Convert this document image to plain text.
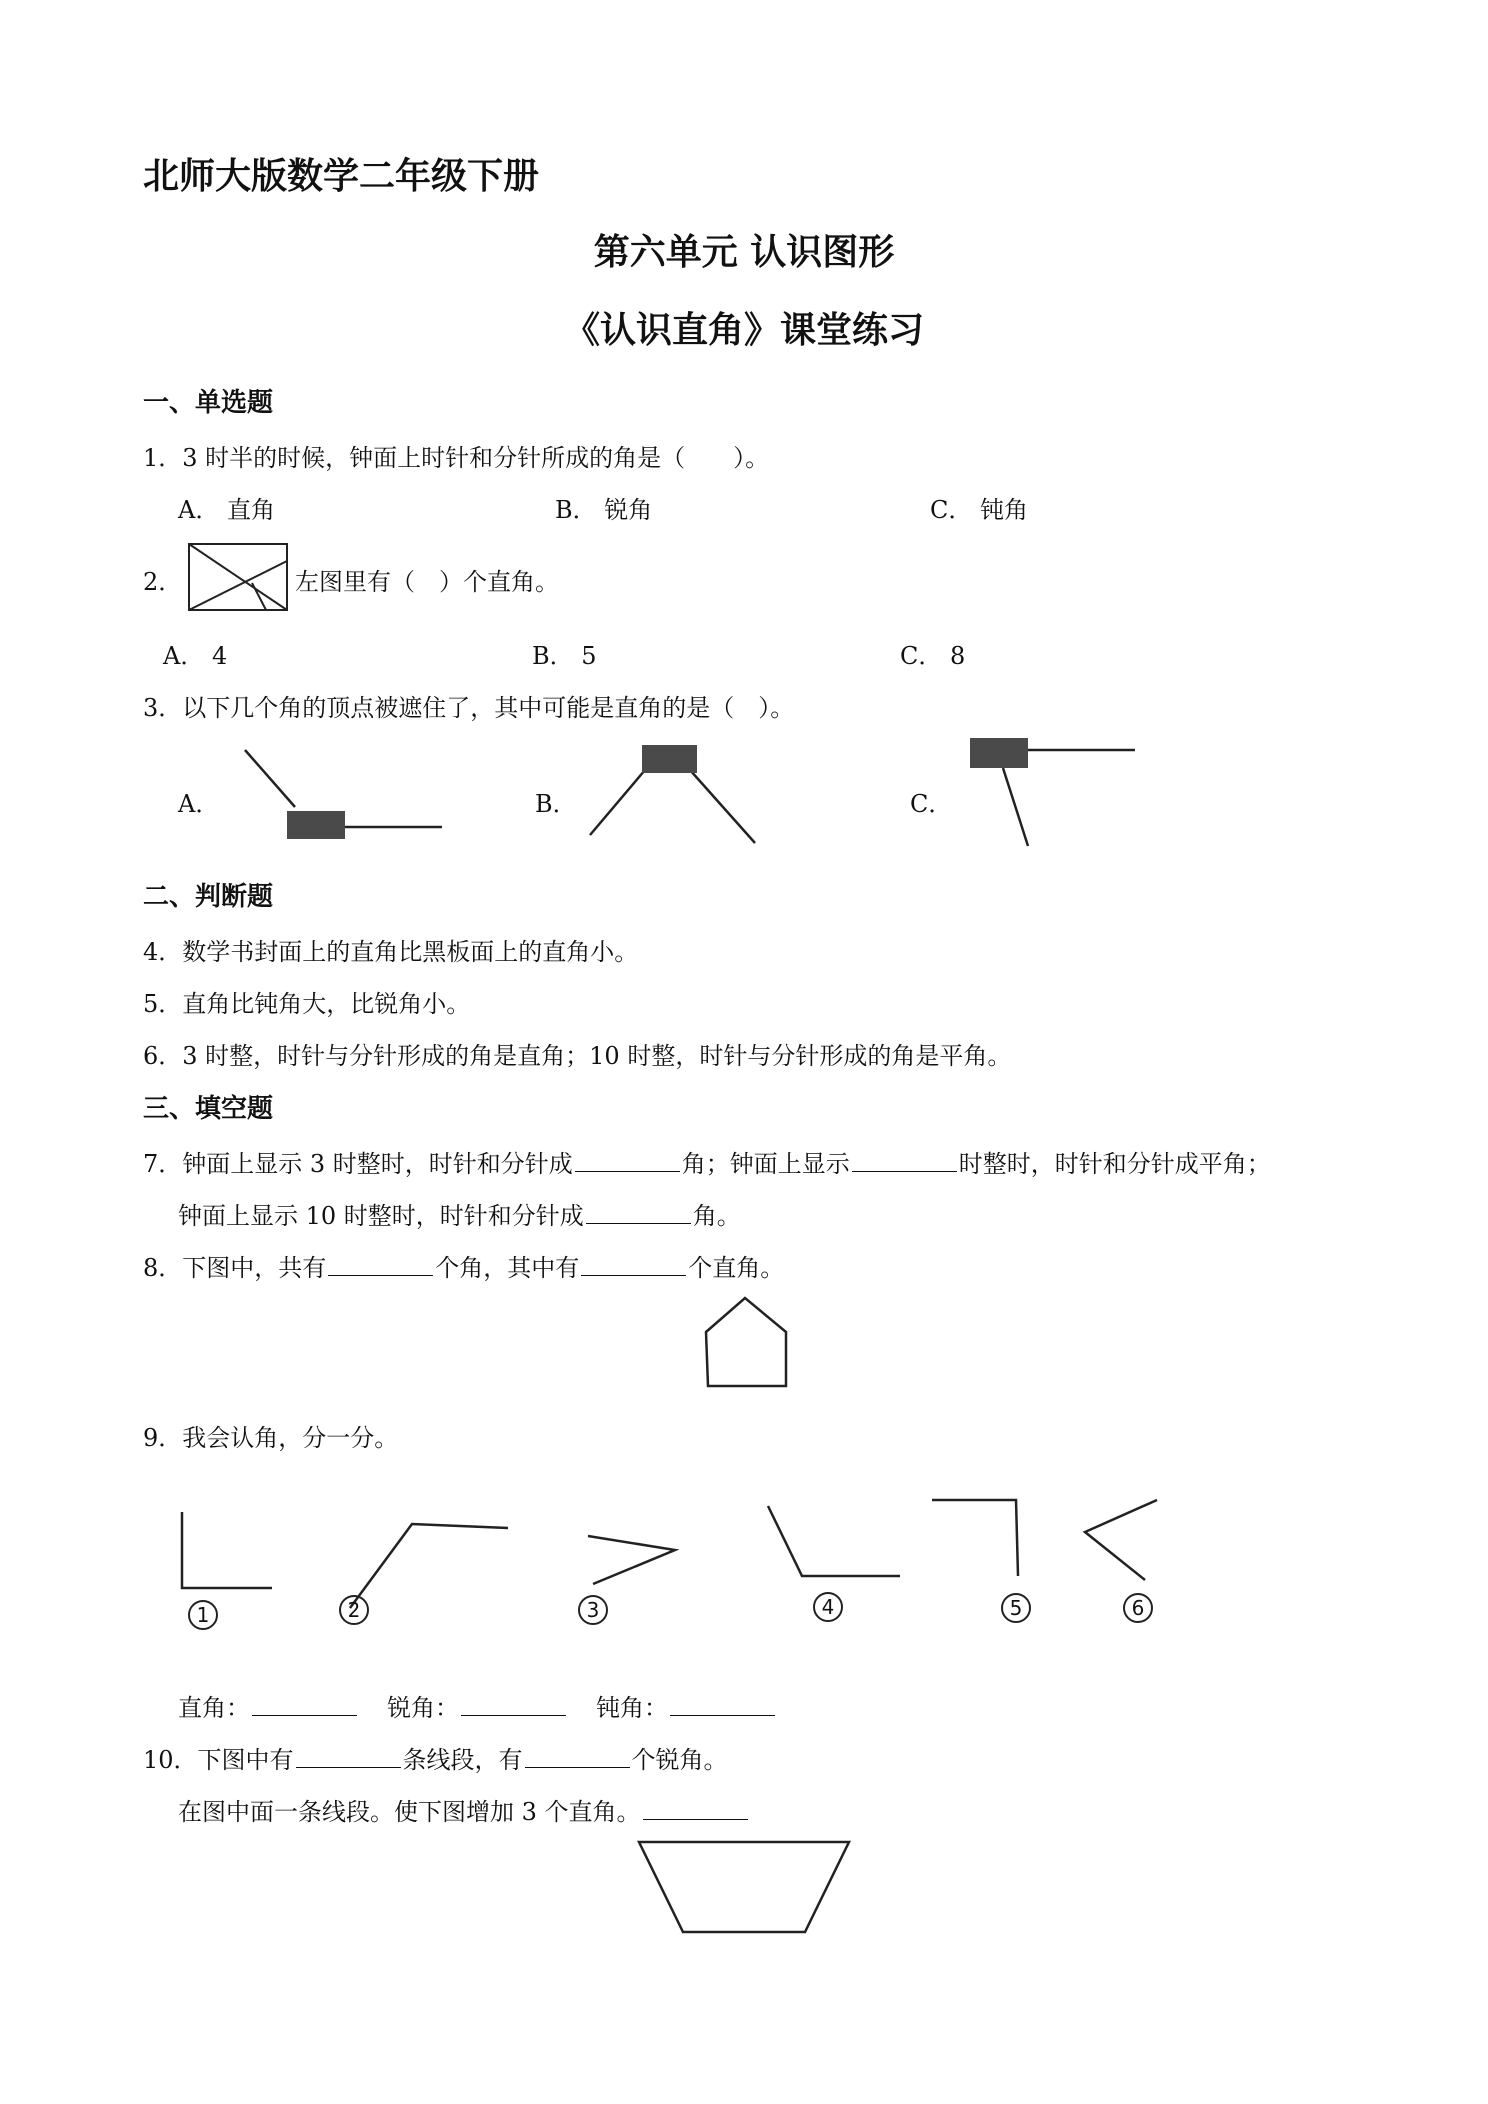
北师大版数学二年级下册
第六单元 认识图形
《认识直角》课堂练习
一、单选题
1．3 时半的时候，钟面上时针和分针所成的角是（　　）。
A． 直角	B． 锐角	C． 钝角
2．	左图里有（　）个直角。
A． 4	B． 5	C． 8
3．以下几个角的顶点被遮住了，其中可能是直角的是（　）。
A．	B．	C．
二、判断题
4．数学书封面上的直角比黑板面上的直角小。
5．直角比钝角大，比锐角小。
6．3 时整，时针与分针形成的角是直角；10 时整，时针与分针形成的角是平角。
三、填空题
7．钟面上显示 3 时整时，时针和分针成	角；钟面上显示	时整时，时针和分针成平角；
钟面上显示 10 时整时，时针和分针成	角。
8．下图中，共有	个角，其中有	个直角。
9．我会认角，分一分。
1	2	3	4	5	6
直角：	锐角：	钝角：
10．下图中有	条线段，有	个锐角。
在图中面一条线段。使下图增加 3 个直角。
